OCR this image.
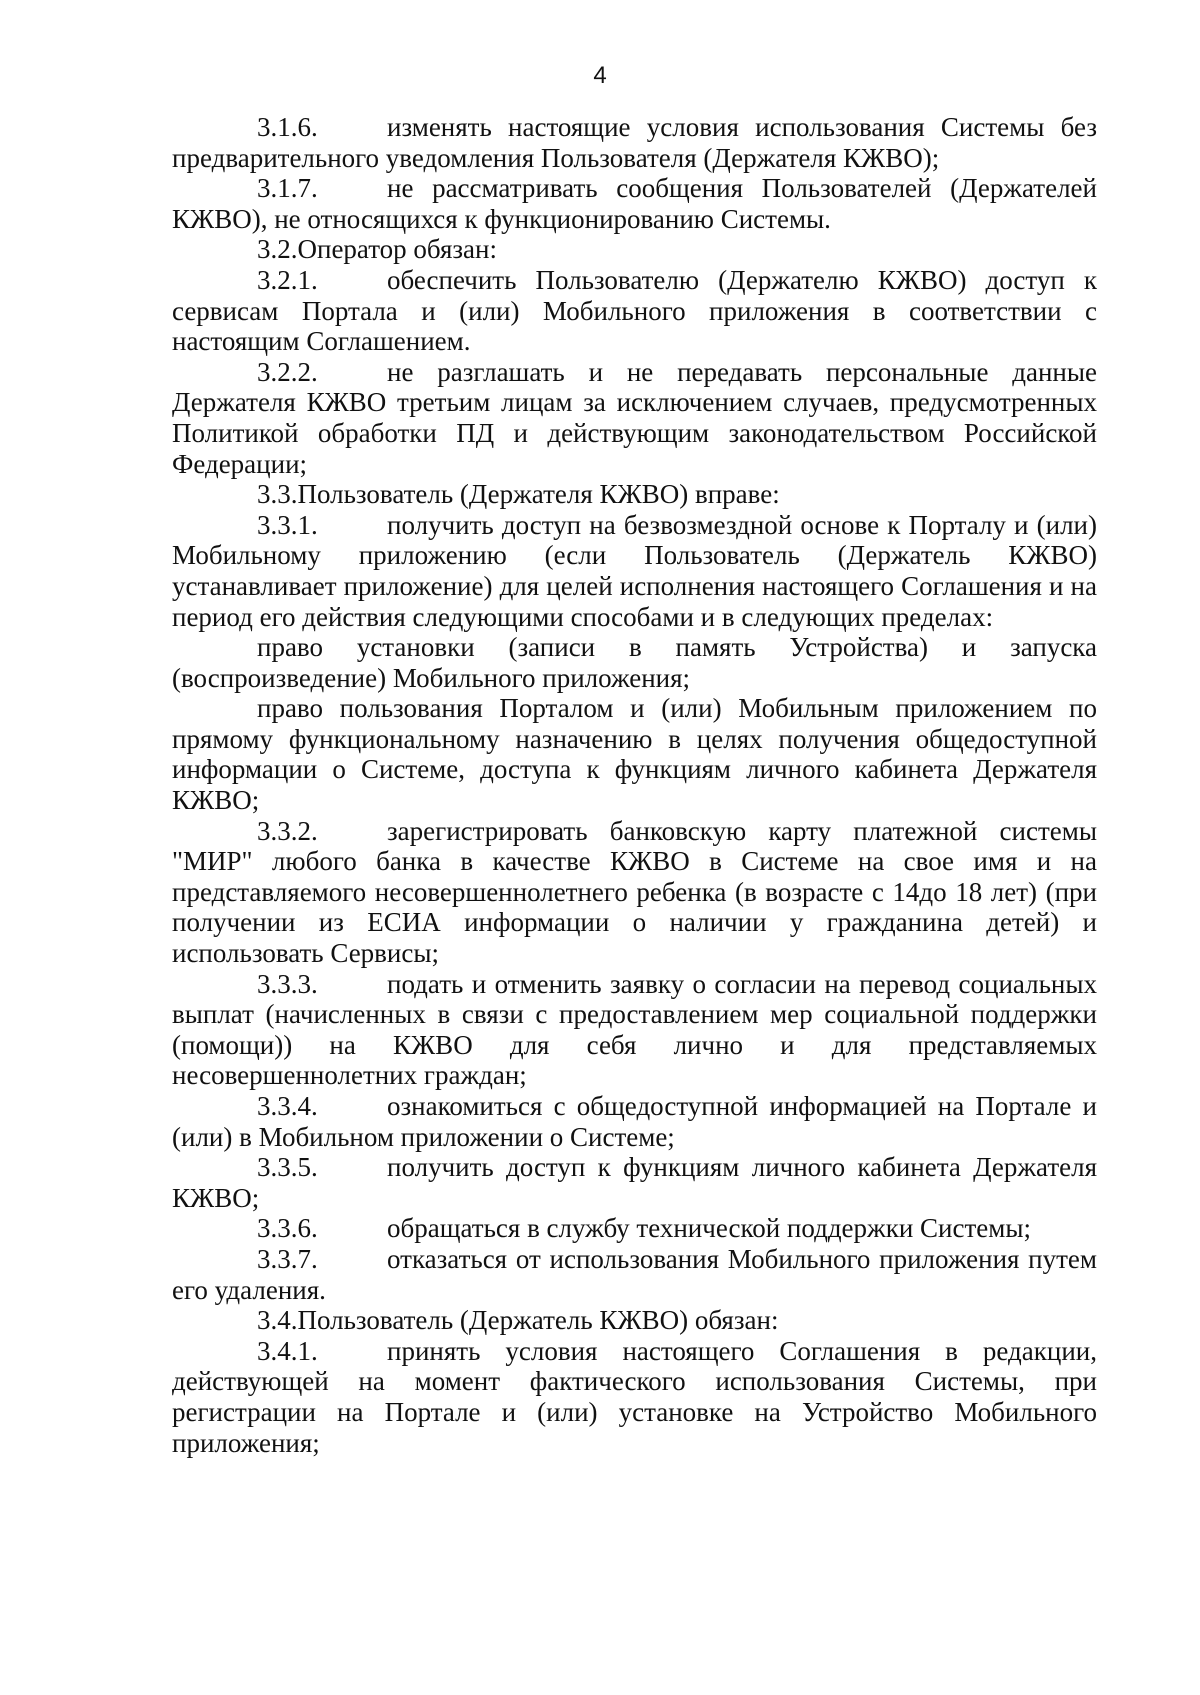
4

3.1.6.	изменять настоящие условия использования Системы без предварительного уведомления Пользователя (Держателя КЖВО);

3.1.7.	не рассматривать сообщения Пользователей (Держателей КЖВО), не относящихся к функционированию Системы.

3.2.Оператор обязан:

3.2.1.	обеспечить Пользователю (Держателю КЖВО) доступ к сервисам Портала и (или) Мобильного приложения в соответствии с настоящим Соглашением.

3.2.2.	не разглашать и не передавать персональные данные Держателя КЖВО третьим лицам за исключением случаев, предусмотренных Политикой обработки ПД и действующим законодательством Российской Федерации;

3.3.Пользователь (Держателя КЖВО) вправе:

3.3.1.	получить доступ на безвозмездной основе к Порталу и (или) Мобильному приложению (если Пользователь (Держатель КЖВО) устанавливает приложение) для целей исполнения настоящего Соглашения и на период его действия следующими способами и в следующих пределах:

право установки (записи в память Устройства) и запуска (воспроизведение) Мобильного приложения;

право пользования Порталом и (или) Мобильным приложением по прямому функциональному назначению в целях получения общедоступной информации о Системе, доступа к функциям личного кабинета Держателя КЖВО;

3.3.2.	зарегистрировать банковскую карту платежной системы "МИР" любого банка в качестве КЖВО в Системе на свое имя и на представляемого несовершеннолетнего ребенка (в возрасте с 14до 18 лет) (при получении из ЕСИА информации о наличии у гражданина детей) и использовать Сервисы;

3.3.3.	подать и отменить заявку о согласии на перевод социальных выплат (начисленных в связи с предоставлением мер социальной поддержки (помощи)) на КЖВО для себя лично и для представляемых несовершеннолетних граждан;

3.3.4.	ознакомиться с общедоступной информацией на Портале и (или) в Мобильном приложении о Системе;

3.3.5.	получить доступ к функциям личного кабинета Держателя КЖВО;

3.3.6.	обращаться в службу технической поддержки Системы;

3.3.7.	отказаться от использования Мобильного приложения путем его удаления.

3.4.Пользователь (Держатель КЖВО) обязан:

3.4.1.	принять условия настоящего Соглашения в редакции, действующей на момент фактического использования Системы, при регистрации на Портале и (или) установке на Устройство Мобильного приложения;
